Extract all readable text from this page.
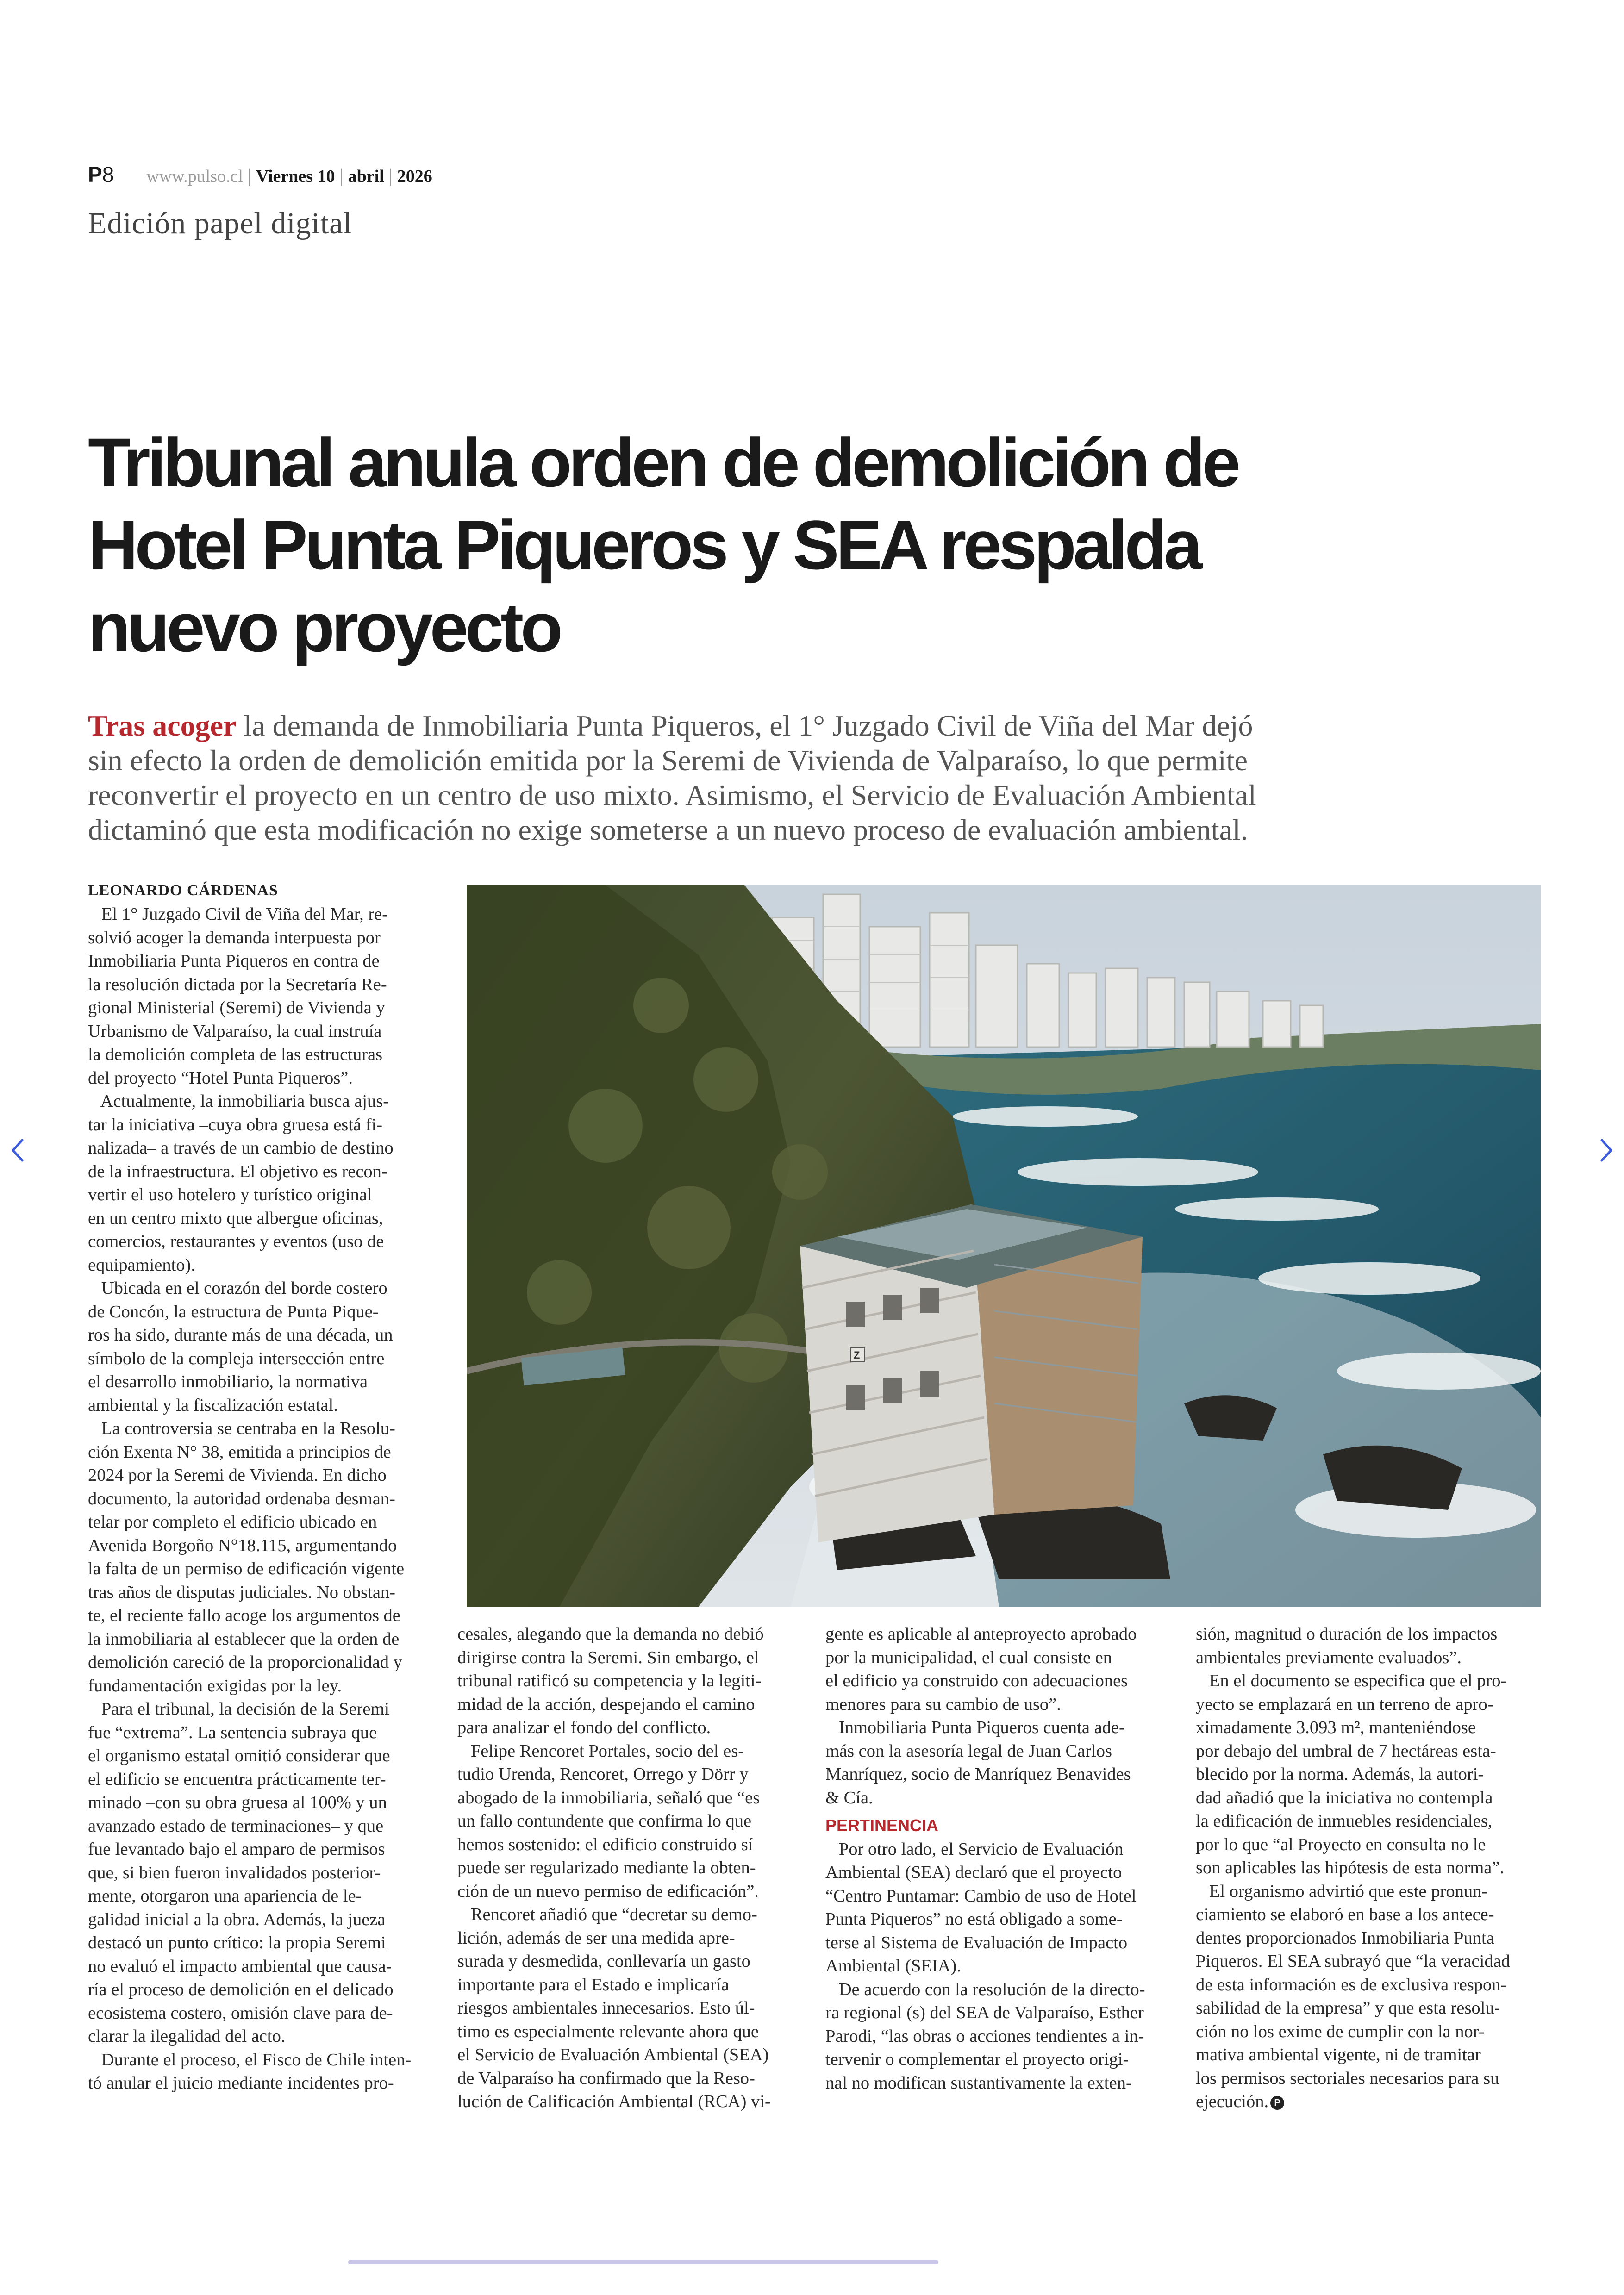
P8 www.pulso.cl | Viernes 10 | abril | 2026
Edición papel digital
Tribunal anula orden de demolición de
Hotel Punta Piqueros y SEA respalda
nuevo proyecto
Tras acoger la demanda de Inmobiliaria Punta Piqueros, el 1° Juzgado Civil de Viña del Mar dejó
sin efecto la orden de demolición emitida por la Seremi de Vivienda de Valparaíso, lo que permite
reconvertir el proyecto en un centro de uso mixto. Asimismo, el Servicio de Evaluación Ambiental
dictaminó que esta modificación no exige someterse a un nuevo proceso de evaluación ambiental.
LEONARDO CÁRDENAS
El 1° Juzgado Civil de Viña del Mar, re-
solvió acoger la demanda interpuesta por
Inmobiliaria Punta Piqueros en contra de
la resolución dictada por la Secretaría Re-
gional Ministerial (Seremi) de Vivienda y
Urbanismo de Valparaíso, la cual instruía
la demolición completa de las estructuras
del proyecto “Hotel Punta Piqueros”.
Actualmente, la inmobiliaria busca ajus-
tar la iniciativa –cuya obra gruesa está fi-
nalizada– a través de un cambio de destino
de la infraestructura. El objetivo es recon-
vertir el uso hotelero y turístico original
en un centro mixto que albergue oficinas,
comercios, restaurantes y eventos (uso de
equipamiento).
Ubicada en el corazón del borde costero
de Concón, la estructura de Punta Pique-
ros ha sido, durante más de una década, un
símbolo de la compleja intersección entre
el desarrollo inmobiliario, la normativa
ambiental y la fiscalización estatal.
La controversia se centraba en la Resolu-
ción Exenta N° 38, emitida a principios de
2024 por la Seremi de Vivienda. En dicho
documento, la autoridad ordenaba desman-
telar por completo el edificio ubicado en
Avenida Borgoño N°18.115, argumentando
la falta de un permiso de edificación vigente
tras años de disputas judiciales. No obstan-
te, el reciente fallo acoge los argumentos de
la inmobiliaria al establecer que la orden de
demolición careció de la proporcionalidad y
fundamentación exigidas por la ley.
Para el tribunal, la decisión de la Seremi
fue “extrema”. La sentencia subraya que
el organismo estatal omitió considerar que
el edificio se encuentra prácticamente ter-
minado –con su obra gruesa al 100% y un
avanzado estado de terminaciones– y que
fue levantado bajo el amparo de permisos
que, si bien fueron invalidados posterior-
mente, otorgaron una apariencia de le-
galidad inicial a la obra. Además, la jueza
destacó un punto crítico: la propia Seremi
no evaluó el impacto ambiental que causa-
ría el proceso de demolición en el delicado
ecosistema costero, omisión clave para de-
clarar la ilegalidad del acto.
Durante el proceso, el Fisco de Chile inten-
tó anular el juicio mediante incidentes pro-
cesales, alegando que la demanda no debió
dirigirse contra la Seremi. Sin embargo, el
tribunal ratificó su competencia y la legiti-
midad de la acción, despejando el camino
para analizar el fondo del conflicto.
Felipe Rencoret Portales, socio del es-
tudio Urenda, Rencoret, Orrego y Dörr y
abogado de la inmobiliaria, señaló que “es
un fallo contundente que confirma lo que
hemos sostenido: el edificio construido sí
puede ser regularizado mediante la obten-
ción de un nuevo permiso de edificación”.
Rencoret añadió que “decretar su demo-
lición, además de ser una medida apre-
surada y desmedida, conllevaría un gasto
importante para el Estado e implicaría
riesgos ambientales innecesarios. Esto úl-
timo es especialmente relevante ahora que
el Servicio de Evaluación Ambiental (SEA)
de Valparaíso ha confirmado que la Reso-
lución de Calificación Ambiental (RCA) vi-
gente es aplicable al anteproyecto aprobado
por la municipalidad, el cual consiste en
el edificio ya construido con adecuaciones
menores para su cambio de uso”.
Inmobiliaria Punta Piqueros cuenta ade-
más con la asesoría legal de Juan Carlos
Manríquez, socio de Manríquez Benavides
& Cía.
PERTINENCIA
Por otro lado, el Servicio de Evaluación
Ambiental (SEA) declaró que el proyecto
“Centro Puntamar: Cambio de uso de Hotel
Punta Piqueros” no está obligado a some-
terse al Sistema de Evaluación de Impacto
Ambiental (SEIA).
De acuerdo con la resolución de la directo-
ra regional (s) del SEA de Valparaíso, Esther
Parodi, “las obras o acciones tendientes a in-
tervenir o complementar el proyecto origi-
nal no modifican sustantivamente la exten-
sión, magnitud o duración de los impactos
ambientales previamente evaluados”.
En el documento se especifica que el pro-
yecto se emplazará en un terreno de apro-
ximadamente 3.093 m², manteniéndose
por debajo del umbral de 7 hectáreas esta-
blecido por la norma. Además, la autori-
dad añadió que la iniciativa no contempla
la edificación de inmuebles residenciales,
por lo que “al Proyecto en consulta no le
son aplicables las hipótesis de esta norma”.
El organismo advirtió que este pronun-
ciamiento se elaboró en base a los antece-
dentes proporcionados Inmobiliaria Punta
Piqueros. El SEA subrayó que “la veracidad
de esta información es de exclusiva respon-
sabilidad de la empresa” y que esta resolu-
ción no los exime de cumplir con la nor-
mativa ambiental vigente, ni de tramitar
los permisos sectoriales necesarios para su
ejecución. P
Z
